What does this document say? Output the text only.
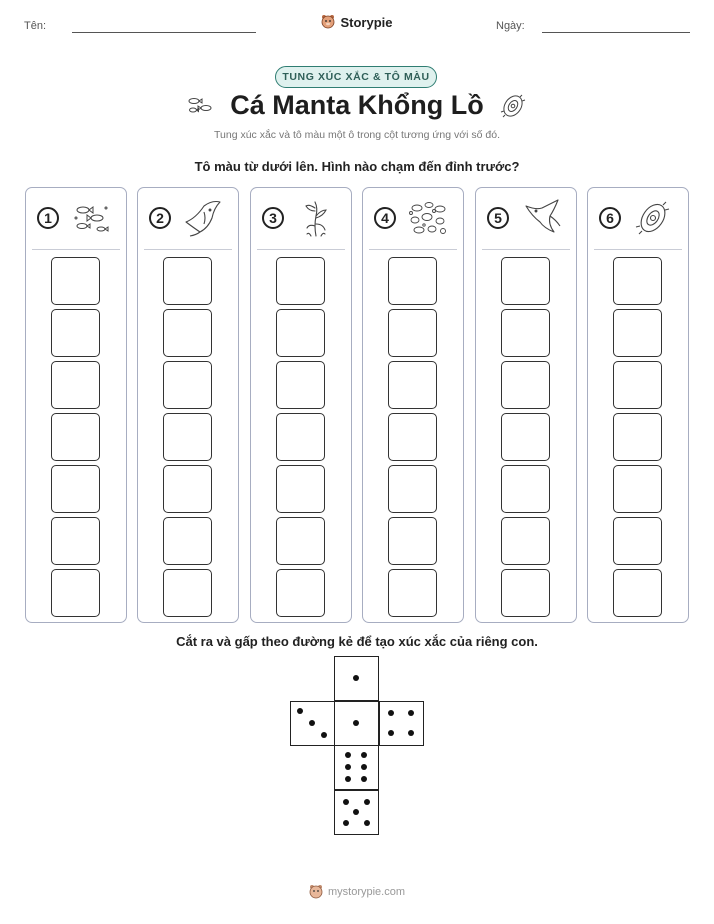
Tên:	Storypie	Ngày:
TUNG XÚC XẮC & TÔ MÀU
Cá Manta Khổng Lồ
Tung xúc xắc và tô màu một ô trong cột tương ứng với số đó.
Tô màu từ dưới lên. Hình nào chạm đến đỉnh trước?
1	2	3	4	5	6
Cắt ra và gấp theo đường kẻ để tạo xúc xắc của riêng con.
mystorypie.com
